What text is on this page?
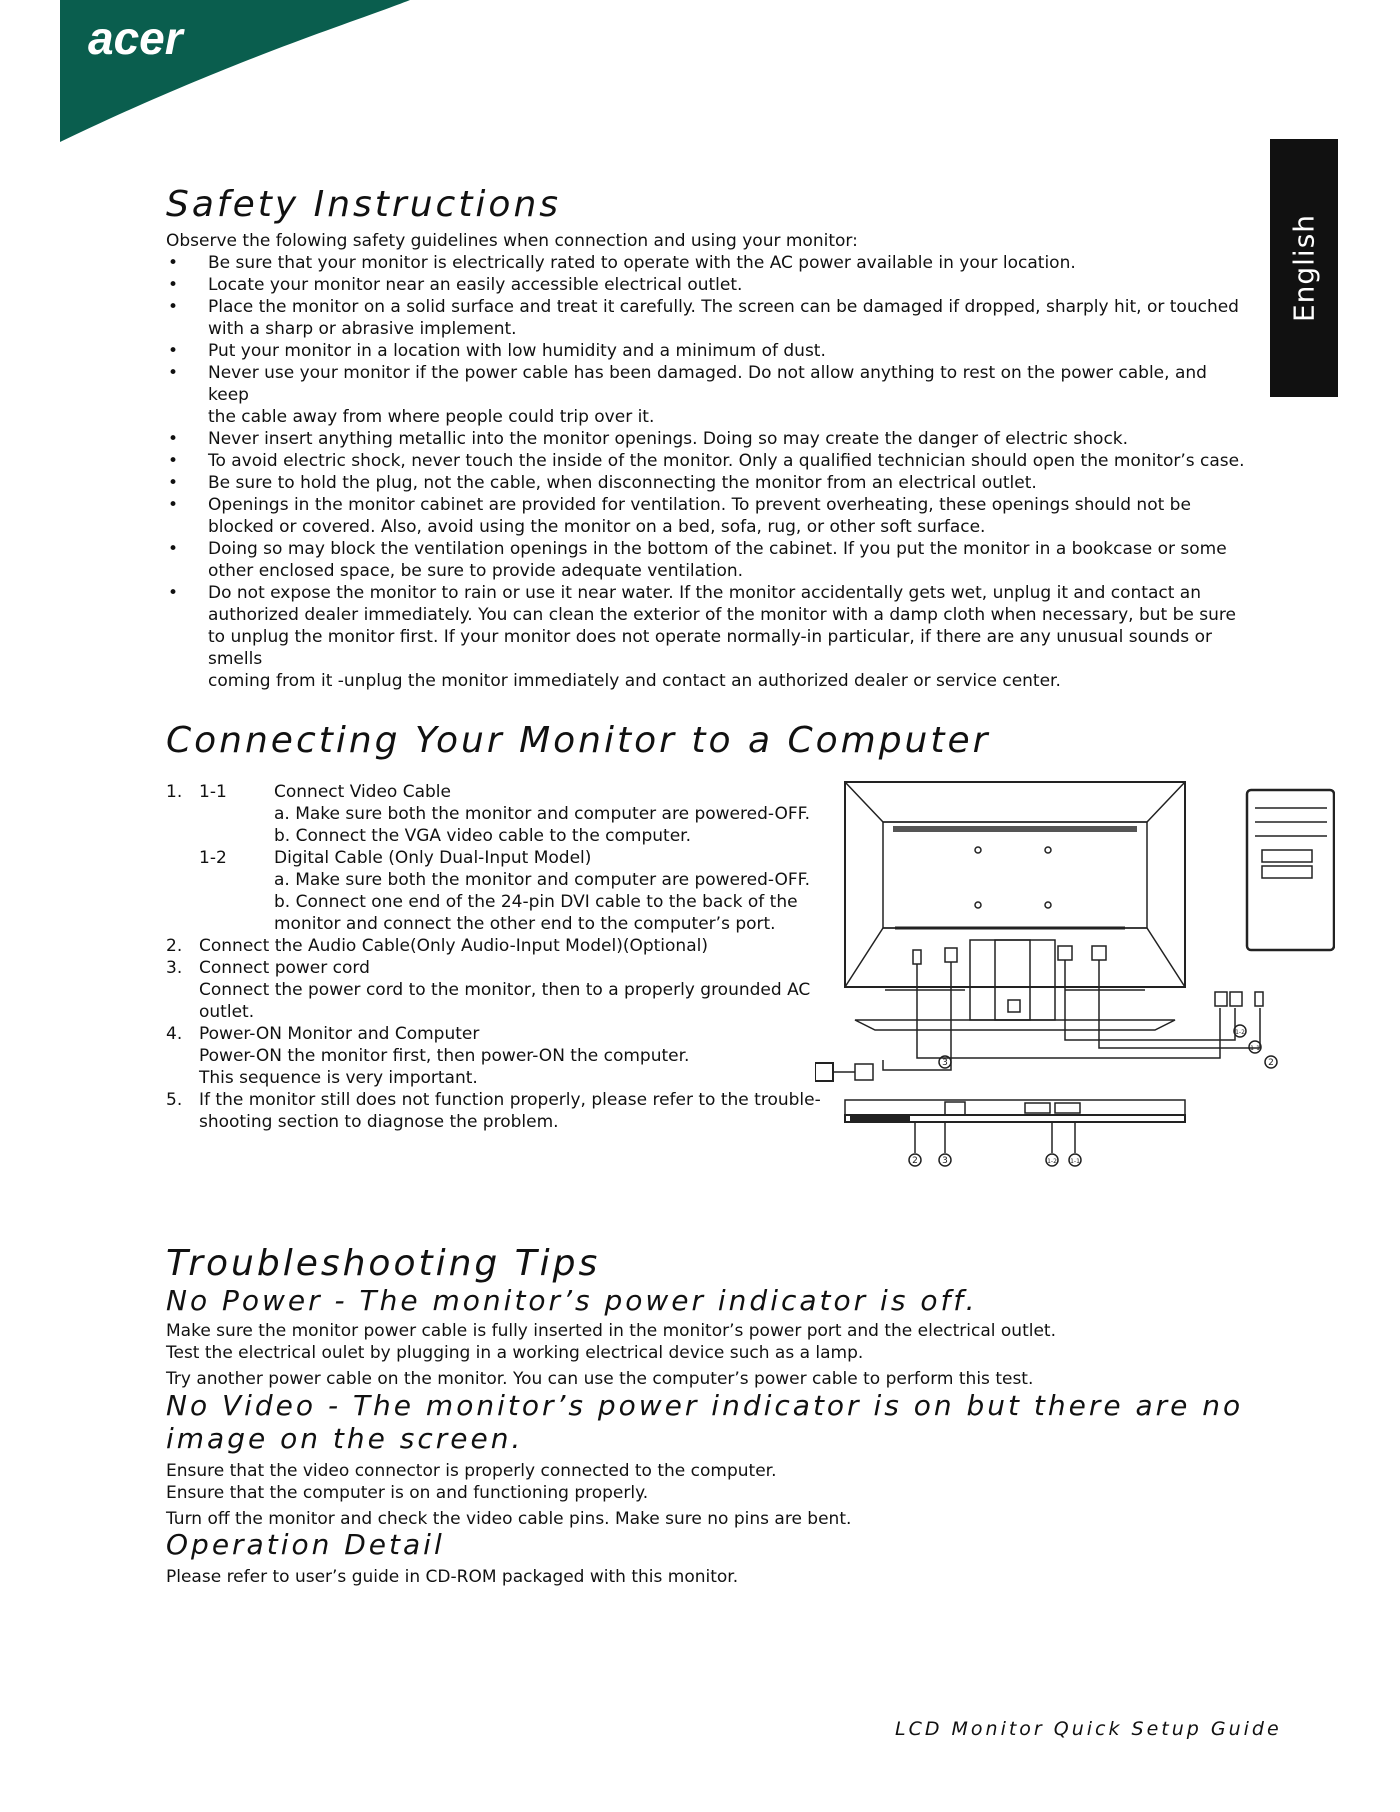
acer
English
Safety Instructions

Observe the folowing safety guidelines when connection and using your monitor:

• Be sure that your monitor is electrically rated to operate with the AC power available in your location.
• Locate your monitor near an easily accessible electrical outlet.
• Place the monitor on a solid surface and treat it carefully. The screen can be damaged if dropped, sharply hit, or touched
with a sharp or abrasive implement.
• Put your monitor in a location with low humidity and a minimum of dust.
• Never use your monitor if the power cable has been damaged. Do not allow anything to rest on the power cable, and keep
the cable away from where people could trip over it.
• Never insert anything metallic into the monitor openings. Doing so may create the danger of electric shock.
• To avoid electric shock, never touch the inside of the monitor. Only a qualified technician should open the monitor’s case.
• Be sure to hold the plug, not the cable, when disconnecting the monitor from an electrical outlet.
• Openings in the monitor cabinet are provided for ventilation. To prevent overheating, these openings should not be
blocked or covered. Also, avoid using the monitor on a bed, sofa, rug, or other soft surface.
• Doing so may block the ventilation openings in the bottom of the cabinet. If you put the monitor in a bookcase or some
other enclosed space, be sure to provide adequate ventilation.
• Do not expose the monitor to rain or use it near water. If the monitor accidentally gets wet, unplug it and contact an
authorized dealer immediately. You can clean the exterior of the monitor with a damp cloth when necessary, but be sure
to unplug the monitor first. If your monitor does not operate normally-in particular, if there are any unusual sounds or smells
coming from it -unplug the monitor immediately and contact an authorized dealer or service center.
Connecting Your Monitor to a Computer
1. 1-1	Connect Video Cable
a. Make sure both the monitor and computer are powered-OFF.
b. Connect the VGA video cable to the computer.
1-2	Digital Cable (Only Dual-Input Model)
a. Make sure both the monitor and computer are powered-OFF.
b. Connect one end of the 24-pin DVI cable to the back of the
monitor and connect the other end to the computer’s port.
2. Connect the Audio Cable(Only Audio-Input Model)(Optional)
3. Connect power cord
Connect the power cord to the monitor, then to a properly grounded AC
outlet.
4. Power-ON Monitor and Computer
Power-ON the monitor first, then power-ON the computer.
This sequence is very important.
5. If the monitor still does not function properly, please refer to the trouble-
shooting section to diagnose the problem.
3
1-2
1-1
2
2	3	1-2 1-1
Troubleshooting Tips
No Power - The monitor’s power indicator is off.

Make sure the monitor power cable is fully inserted in the monitor’s power port and the electrical outlet.

Test the electrical oulet by plugging in a working electrical device such as a lamp.

Try another power cable on the monitor. You can use the computer’s power cable to perform this test.

No Video - The monitor’s power indicator is on but there are no
image on the screen.

Ensure that the video connector is properly connected to the computer.

Ensure that the computer is on and functioning properly.

Turn off the monitor and check the video cable pins. Make sure no pins are bent.

Operation Detail

Please refer to user’s guide in CD-ROM packaged with this monitor.

LCD Monitor Quick Setup Guide
